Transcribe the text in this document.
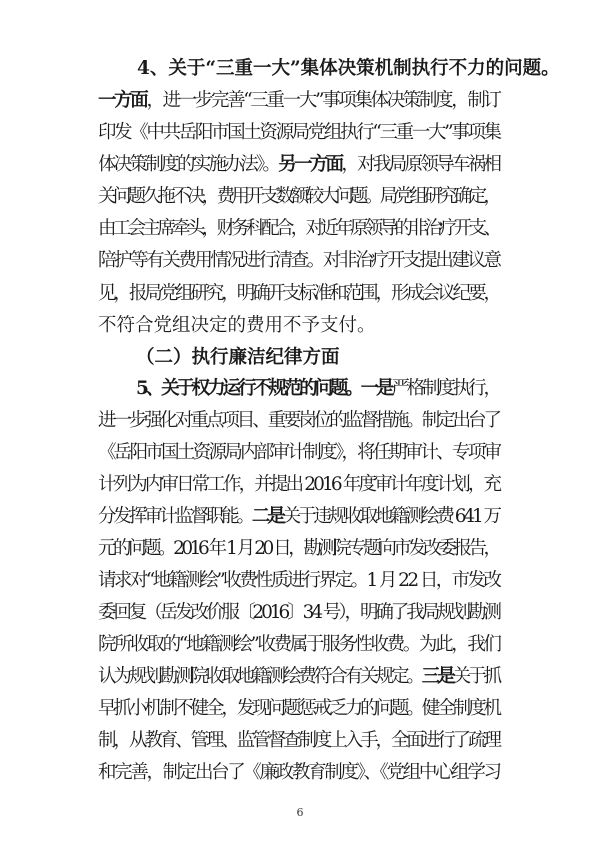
4、关于“三重一大”集体决策机制执行不力的问题。
一方面，进一步完善“三重一大”事项集体决策制度，制订
印发《中共岳阳市国土资源局党组执行“三重一大”事项集
体决策制度的实施办法》。另一方面，对我局原领导车祸相
关问题久拖不决，费用开支数额较大问题。局党组研究确定，
由工会主席牵头，财务科配合，对近年原领导的非治疗开支、
陪护等有关费用情况进行清查。对非治疗开支提出建议意
见，报局党组研究，明确开支标准和范围，形成会议纪要，
不符合党组决定的费用不予支付。
（二）执行廉洁纪律方面
5、关于权力运行不规范的问题。一是严格制度执行，
进一步强化对重点项目、重要岗位的监督措施。制定出台了
《岳阳市国土资源局内部审计制度》，将任期审计、专项审
计列为内审日常工作，并提出 2016 年度审计年度计划，充
分发挥审计监督职能。二是关于违规收取地籍测绘费 641 万
元的问题。2016 年 1 月 20 日，勘测院专题向市发改委报告，
请求对“地籍测绘”收费性质进行界定。1 月 22 日，市发改
委回复（岳发改价服〔2016〕34 号），明确了我局规划勘测
院所收取的“地籍测绘”收费属于服务性收费。为此，我们
认为规划勘测院收取地籍测绘费符合有关规定。三是关于抓
早抓小机制不健全，发现问题惩戒乏力的问题。健全制度机
制，从教育、管理、监管督查制度上入手，全面进行了疏理
和完善，制定出台了《廉政教育制度》、《党组中心组学习
6
